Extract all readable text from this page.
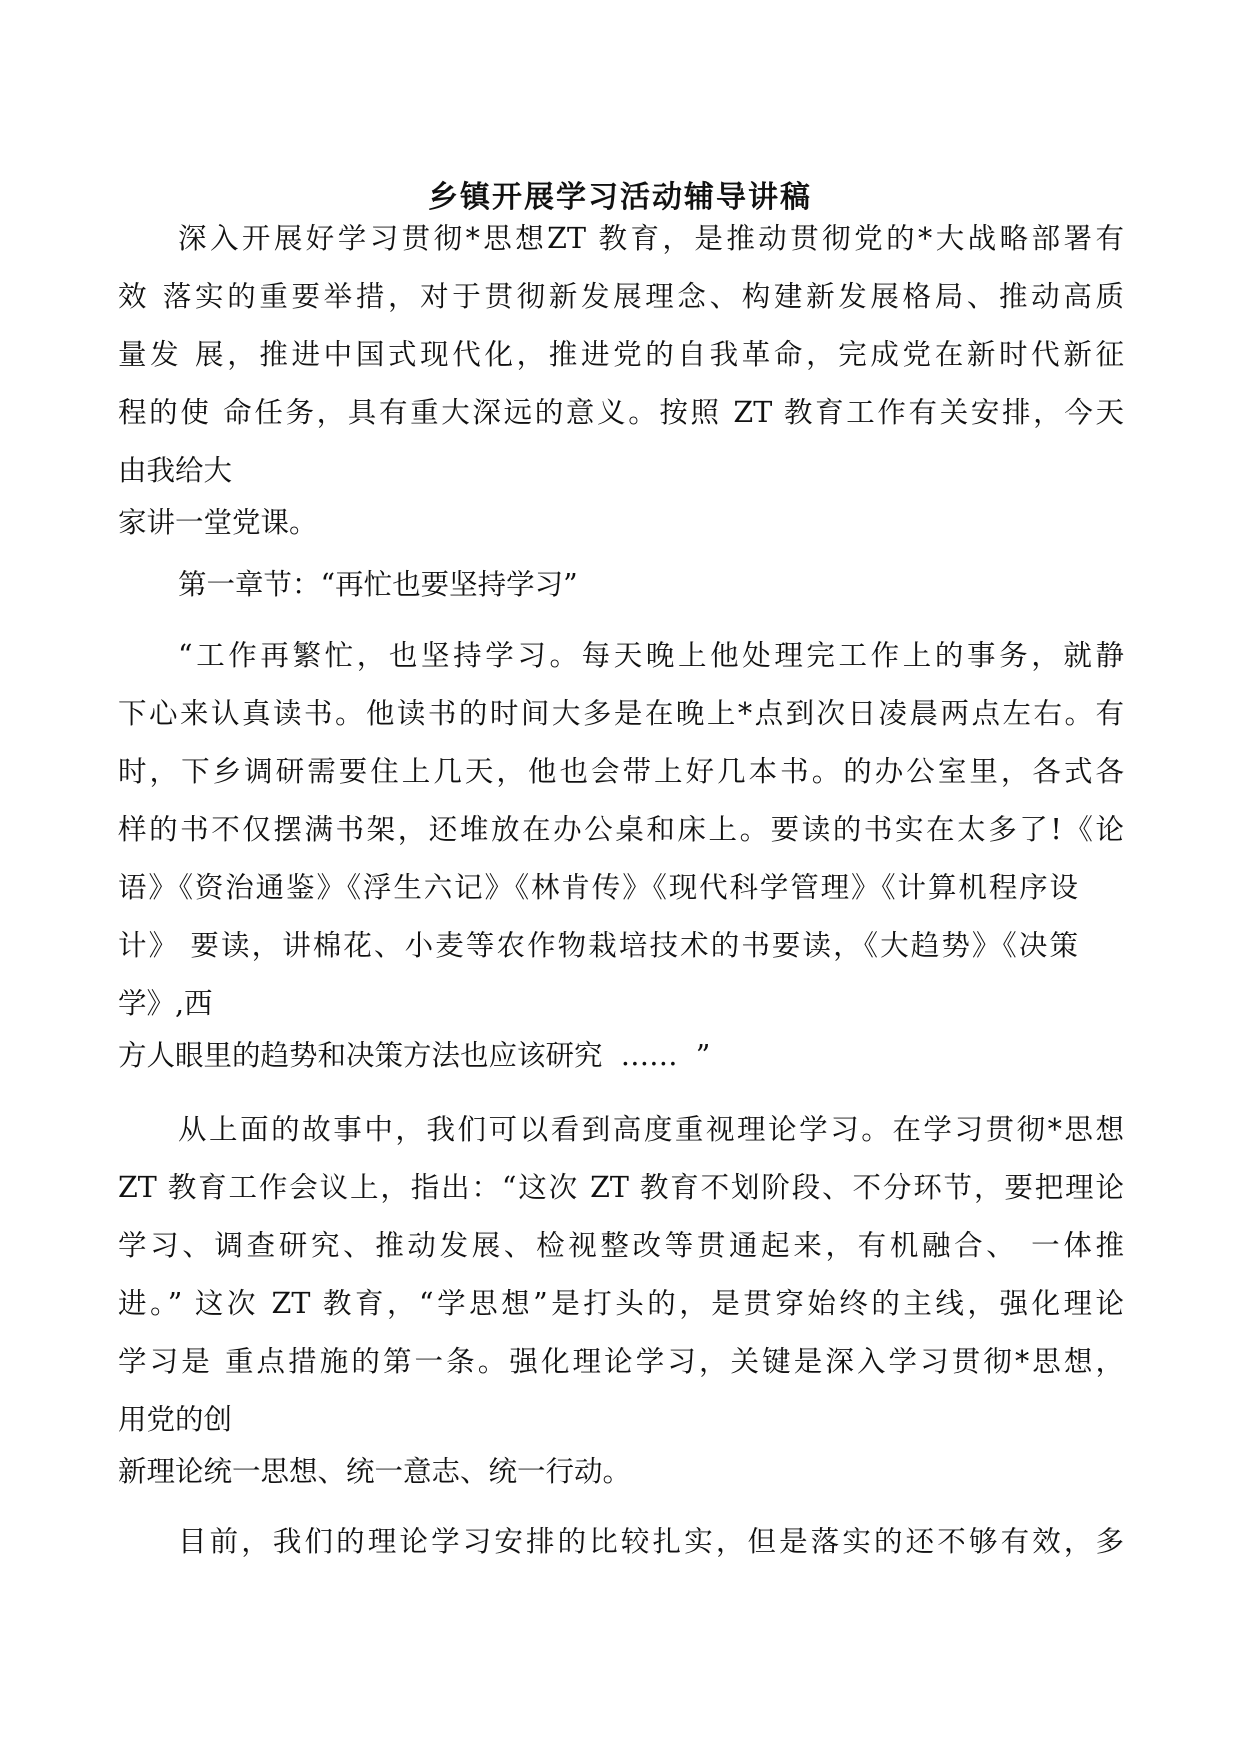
乡镇开展学习活动辅导讲稿
深入开展好学习贯彻*思想ZT 教育，是推动贯彻党的*大战略部署有
效 落实的重要举措，对于贯彻新发展理念、构建新发展格局、推动高质
量发 展，推进中国式现代化，推进党的自我革命，完成党在新时代新征
程的使 命任务，具有重大深远的意义。按照 ZT 教育工作有关安排，今天
由我给大
家讲一堂党课。
第一章节：“再忙也要坚持学习”
“工作再繁忙，也坚持学习。每天晚上他处理完工作上的事务，就静
下心来认真读书。他读书的时间大多是在晚上*点到次日凌晨两点左右。有
时，下乡调研需要住上几天，他也会带上好几本书。的办公室里，各式各
样的书不仅摆满书架，还堆放在办公桌和床上。要读的书实在太多了!《论
语》《资治通鉴》《浮生六记》《林肯传》《现代科学管理》《计算机程序设
计》 要读，讲棉花、小麦等农作物栽培技术的书要读，《大趋势》《决策
学》,西
方人眼里的趋势和决策方法也应该研究  ……  ”
从上面的故事中，我们可以看到高度重视理论学习。在学习贯彻*思想
ZT 教育工作会议上，指出：“这次 ZT 教育不划阶段、不分环节，要把理论
学习、调查研究、推动发展、检视整改等贯通起来，有机融合、 一体推
进。” 这次 ZT 教育，“学思想”是打头的，是贯穿始终的主线，强化理论
学习是 重点措施的第一条。强化理论学习，关键是深入学习贯彻*思想，
用党的创
新理论统一思想、统一意志、统一行动。
目前，我们的理论学习安排的比较扎实，但是落实的还不够有效，多
